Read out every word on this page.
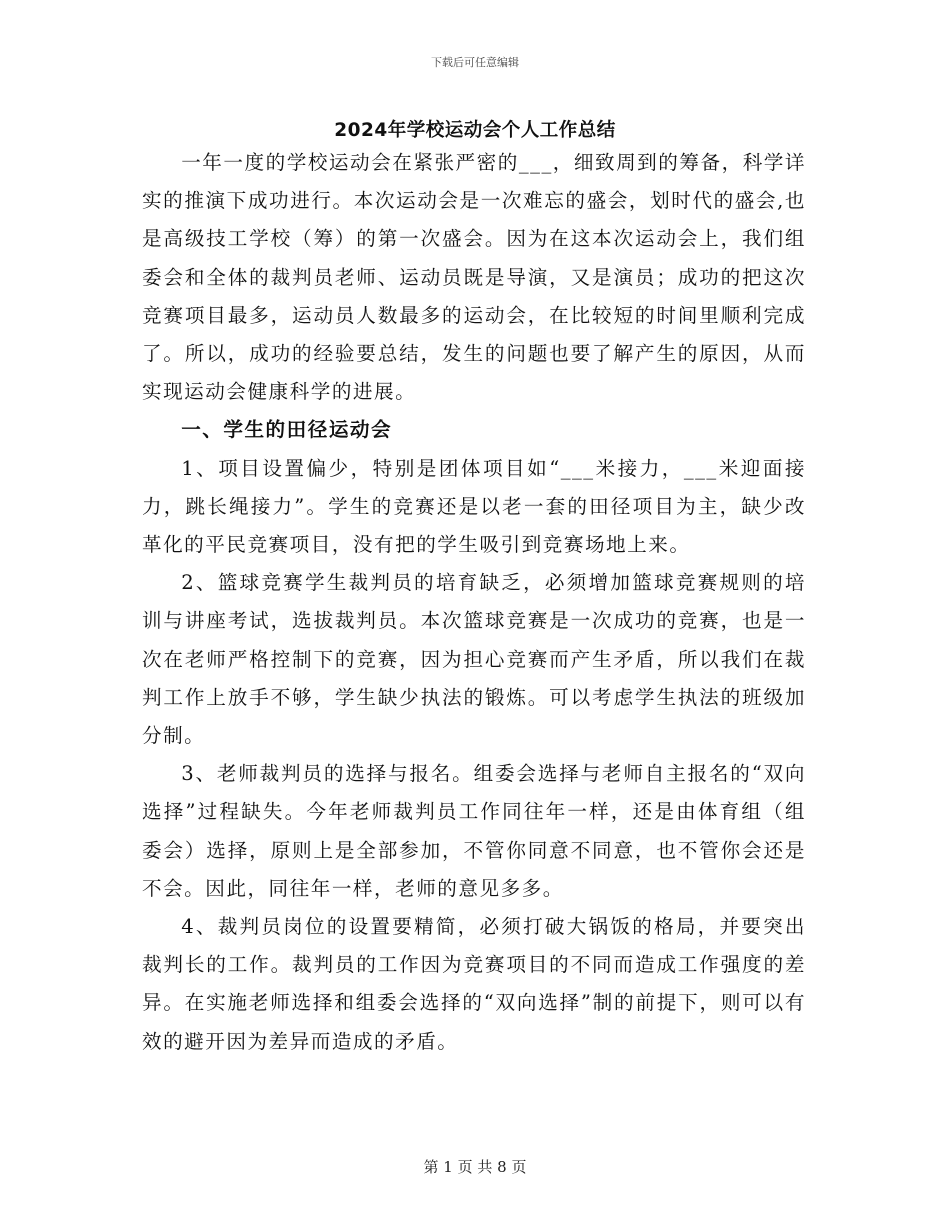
下载后可任意编辑
2024年学校运动会个人工作总结

一年一度的学校运动会在紧张严密的___，细致周到的筹备，科学详实的推演下成功进行。本次运动会是一次难忘的盛会，划时代的盛会,也是高级技工学校（筹）的第一次盛会。因为在这本次运动会上，我们组委会和全体的裁判员老师、运动员既是导演，又是演员；成功的把这次竞赛项目最多，运动员人数最多的运动会，在比较短的时间里顺利完成了。所以，成功的经验要总结，发生的问题也要了解产生的原因，从而实现运动会健康科学的进展。

一、学生的田径运动会

1、项目设置偏少，特别是团体项目如“___米接力，___米迎面接力，跳长绳接力”。学生的竞赛还是以老一套的田径项目为主，缺少改革化的平民竞赛项目，没有把的学生吸引到竞赛场地上来。

2、篮球竞赛学生裁判员的培育缺乏，必须增加篮球竞赛规则的培训与讲座考试，选拔裁判员。本次篮球竞赛是一次成功的竞赛，也是一次在老师严格控制下的竞赛，因为担心竞赛而产生矛盾，所以我们在裁判工作上放手不够，学生缺少执法的锻炼。可以考虑学生执法的班级加分制。

3、老师裁判员的选择与报名。组委会选择与老师自主报名的“双向选择”过程缺失。今年老师裁判员工作同往年一样，还是由体育组（组委会）选择，原则上是全部参加，不管你同意不同意，也不管你会还是不会。因此，同往年一样，老师的意见多多。

4、裁判员岗位的设置要精简，必须打破大锅饭的格局，并要突出裁判长的工作。裁判员的工作因为竞赛项目的不同而造成工作强度的差异。在实施老师选择和组委会选择的“双向选择”制的前提下，则可以有效的避开因为差异而造成的矛盾。

第 1 页 共 8 页
